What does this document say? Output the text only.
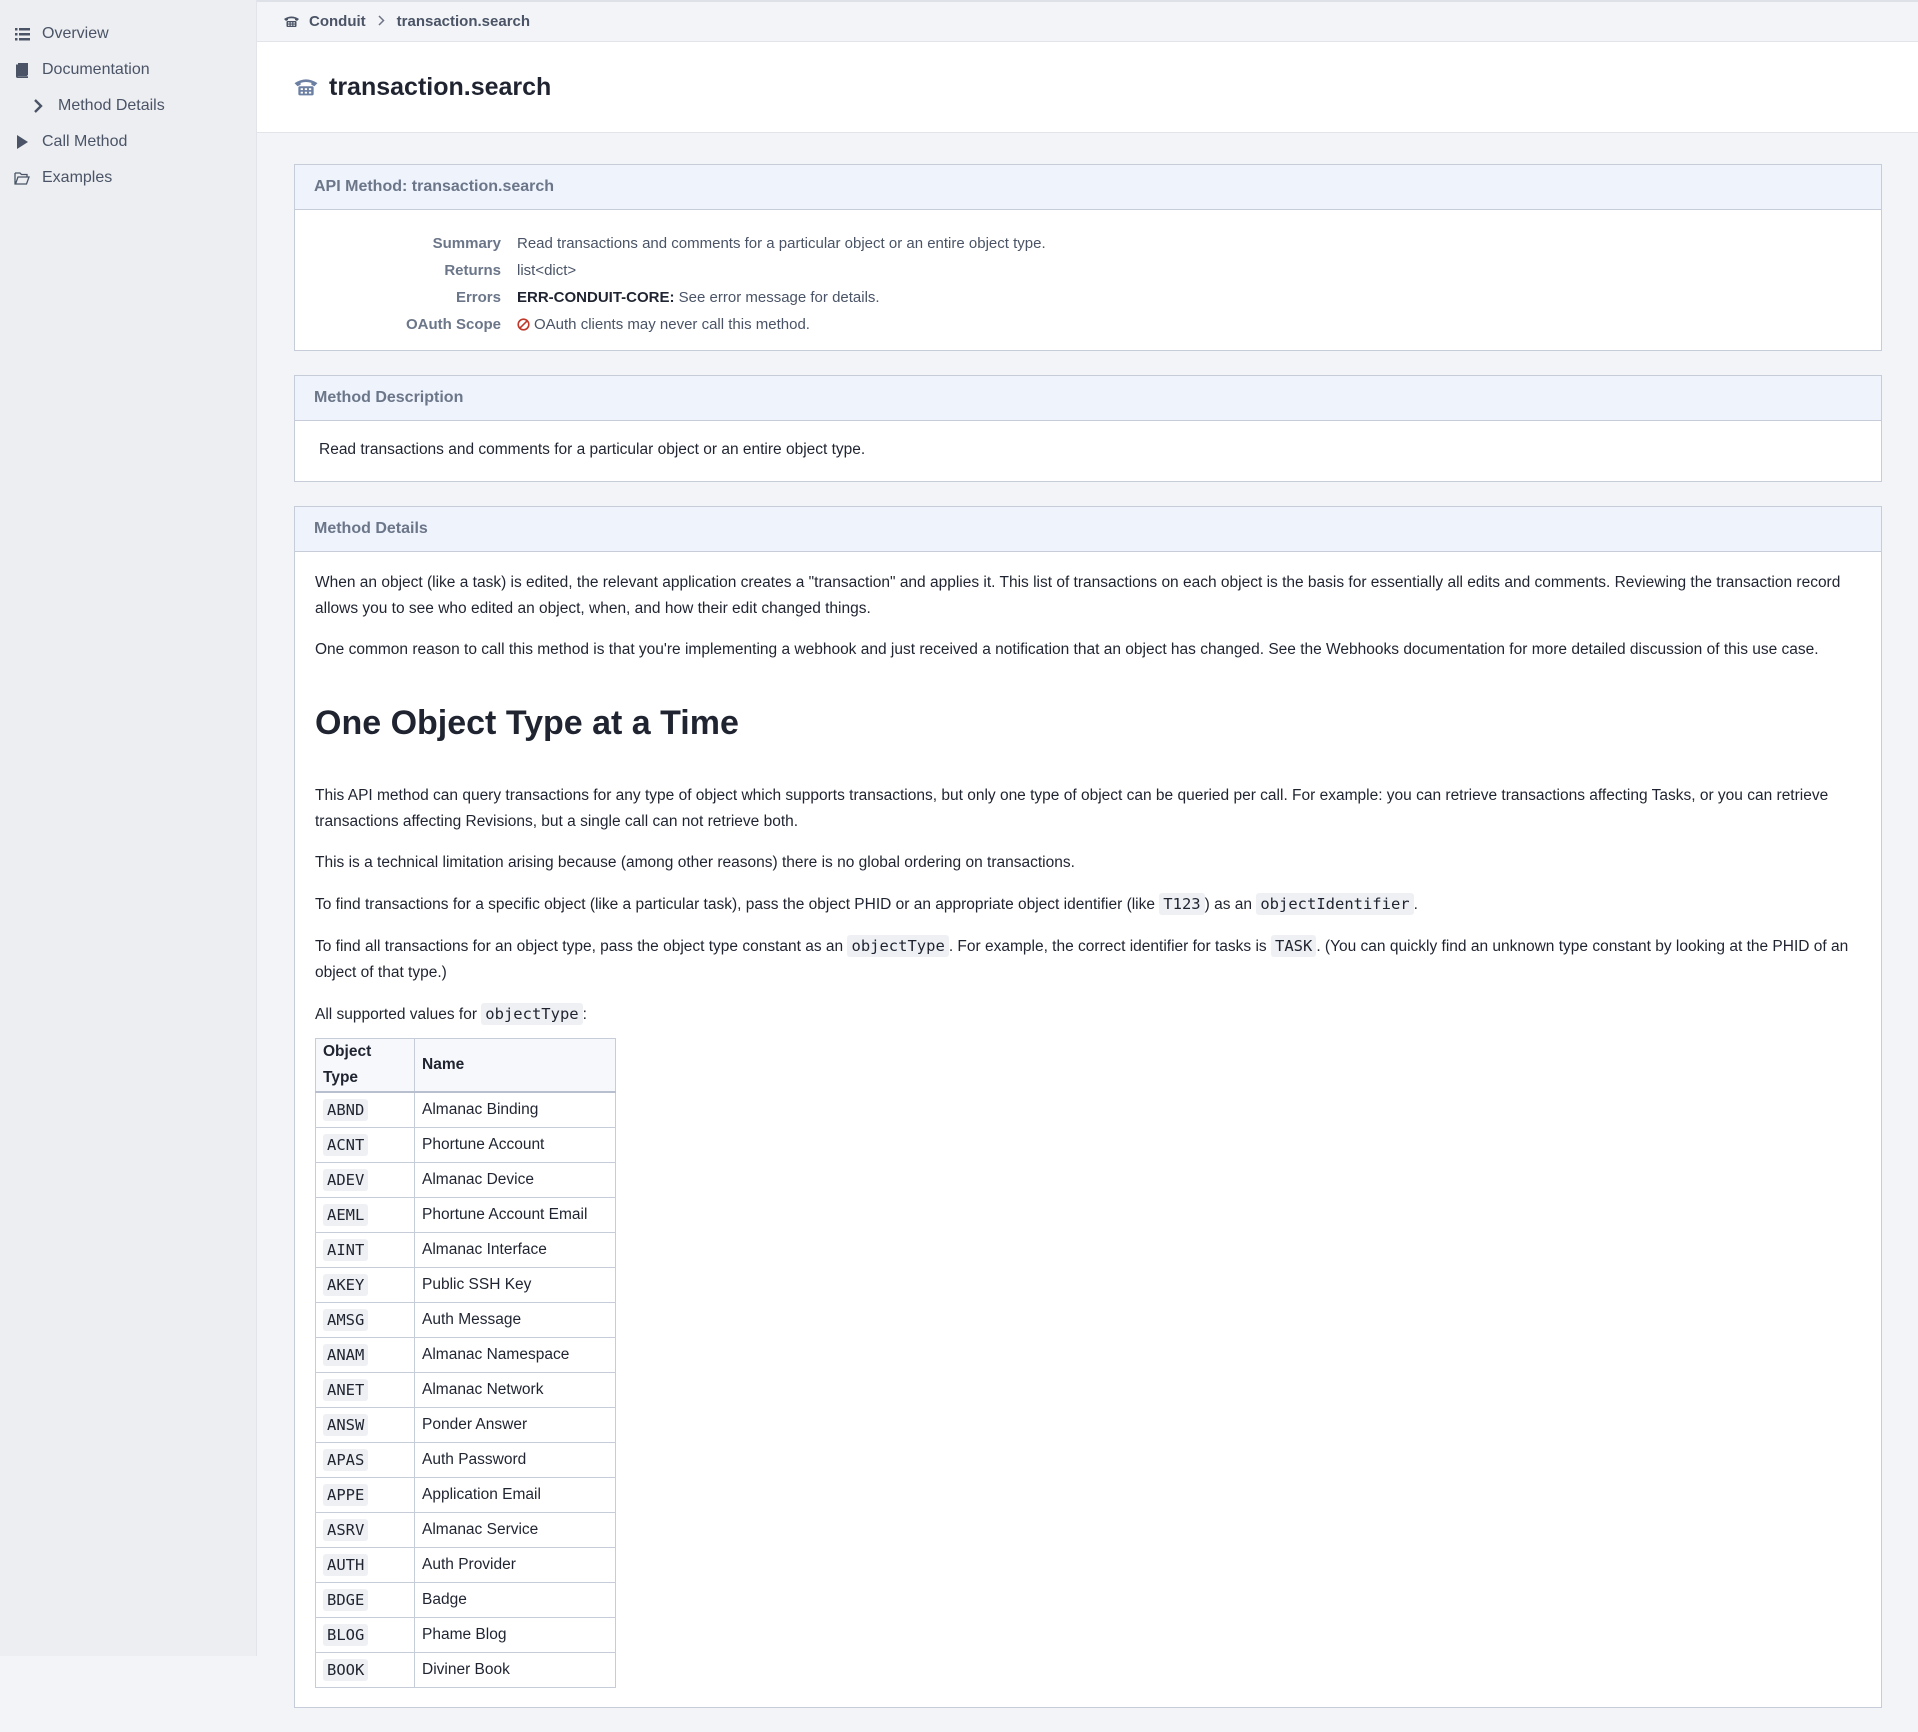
Overview
Documentation
Method Details
Call Method
Examples
Conduit transaction.search
transaction.search
API Method: transaction.search
Summary	Read transactions and comments for a particular object or an entire object type.
Returns	list<dict>
Errors	ERR-CONDUIT-CORE: See error message for details.
OAuth Scope	OAuth clients may never call this method.
Method Description
Read transactions and comments for a particular object or an entire object type.
Method Details

When an object (like a task) is edited, the relevant application creates a "transaction" and applies it. This list of transactions on each object is the basis for essentially all edits and comments. Reviewing the transaction record allows you to see who edited an object, when, and how their edit changed things.

One common reason to call this method is that you're implementing a webhook and just received a notification that an object has changed. See the Webhooks documentation for more detailed discussion of this use case.

One Object Type at a Time

This API method can query transactions for any type of object which supports transactions, but only one type of object can be queried per call. For example: you can retrieve transactions affecting Tasks, or you can retrieve transactions affecting Revisions, but a single call can not retrieve both.

This is a technical limitation arising because (among other reasons) there is no global ordering on transactions.

To find transactions for a specific object (like a particular task), pass the object PHID or an appropriate object identifier (like T123 ) as an objectIdentifier .

To find all transactions for an object type, pass the object type constant as an objectType . For example, the correct identifier for tasks is TASK . (You can quickly find an unknown type constant by looking at the PHID of an object of that type.)

All supported values for objectType :

Object Type	Name
ABND	Almanac Binding
ACNT	Phortune Account
ADEV	Almanac Device
AEML	Phortune Account Email
AINT	Almanac Interface
AKEY	Public SSH Key
AMSG	Auth Message
ANAM	Almanac Namespace
ANET	Almanac Network
ANSW	Ponder Answer
APAS	Auth Password
APPE	Application Email
ASRV	Almanac Service
AUTH	Auth Provider
BDGE	Badge
BLOG	Phame Blog
BOOK	Diviner Book
